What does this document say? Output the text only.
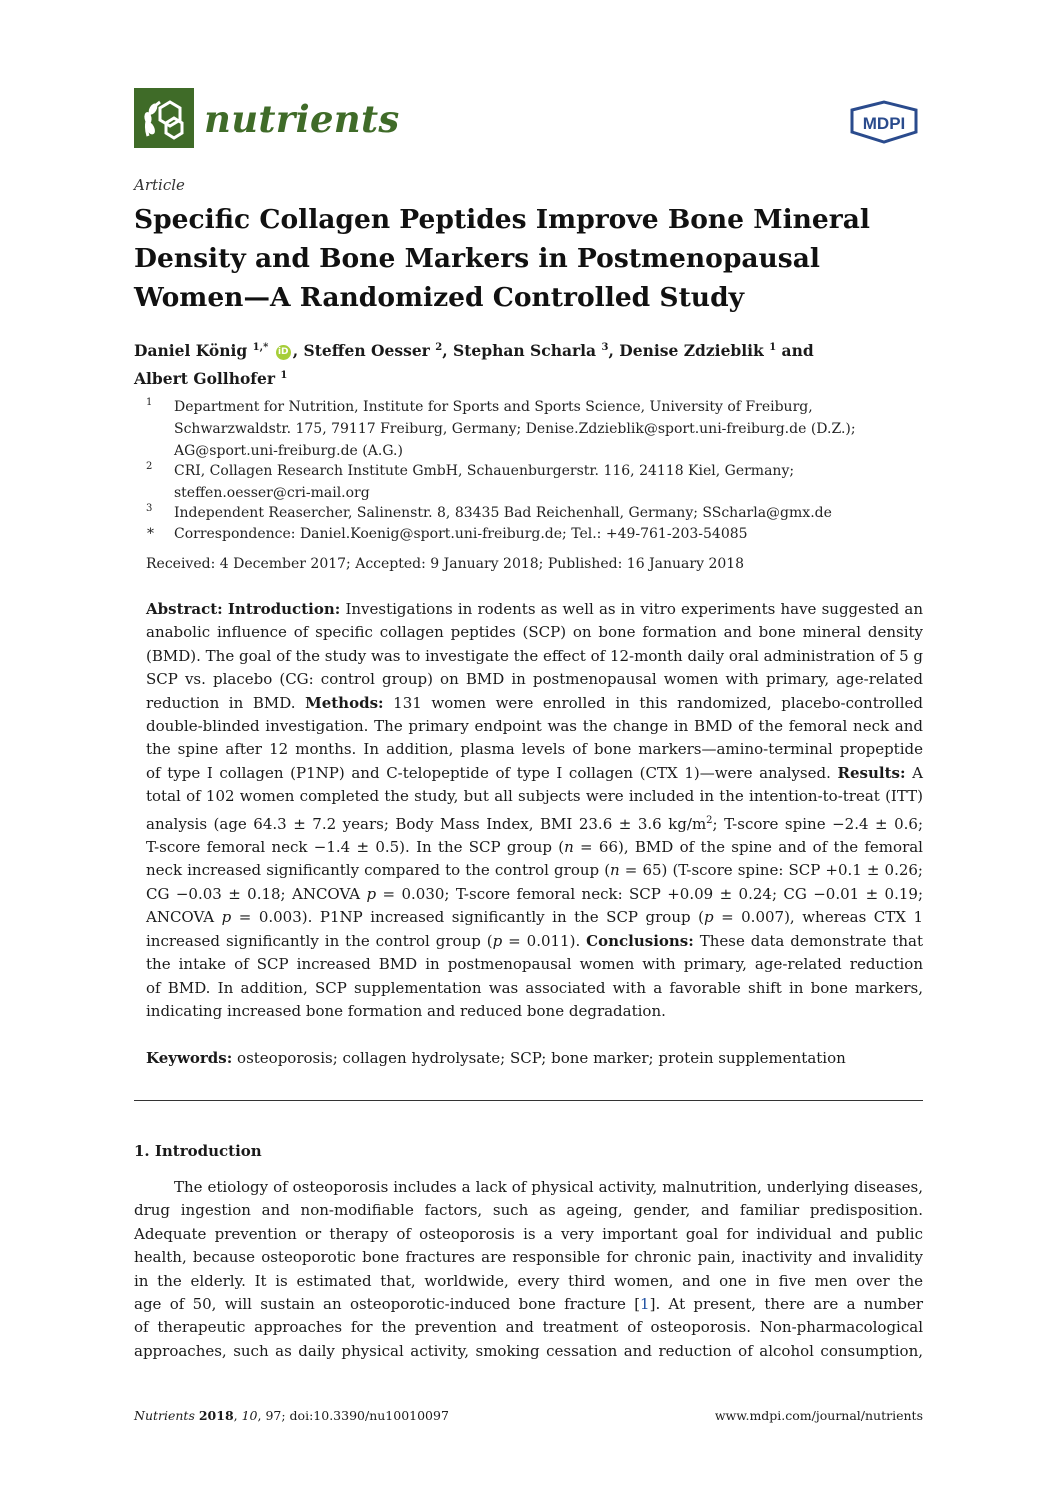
nutrients	MDPI
Article
Specific Collagen Peptides Improve Bone Mineral
Density and Bone Markers in Postmenopausal
Women—A Randomized Controlled Study
Daniel König $^{1,*}$ iD , Steffen Oesser $^2$, Stephan Scharla $^3$, Denise Zdzieblik $^1$ and
Albert Gollhofer $^1$
1 Department for Nutrition, Institute for Sports and Sports Science, University of Freiburg,
Schwarzwaldstr. 175, 79117 Freiburg, Germany; Denise.Zdzieblik@sport.uni-freiburg.de (D.Z.);
AG@sport.uni-freiburg.de (A.G.)
2 CRI, Collagen Research Institute GmbH, Schauenburgerstr. 116, 24118 Kiel, Germany;
steffen.oesser@cri-mail.org
3 Independent Reasercher, Salinenstr. 8, 83435 Bad Reichenhall, Germany; SScharla@gmx.de
* Correspondence: Daniel.Koenig@sport.uni-freiburg.de; Tel.: +49-761-203-54085
Received: 4 December 2017; Accepted: 9 January 2018; Published: 16 January 2018
Abstract: Introduction: Investigations in rodents as well as in vitro experiments have suggested an
anabolic influence of specific collagen peptides (SCP) on bone formation and bone mineral density
(BMD). The goal of the study was to investigate the effect of 12-month daily oral administration of 5 g
SCP vs. placebo (CG: control group) on BMD in postmenopausal women with primary, age-related
reduction in BMD. Methods: 131 women were enrolled in this randomized, placebo-controlled
double-blinded investigation. The primary endpoint was the change in BMD of the femoral neck and
the spine after 12 months. In addition, plasma levels of bone markers—amino-terminal propeptide
of type I collagen (P1NP) and C-telopeptide of type I collagen (CTX 1)—were analysed. Results: A
total of 102 women completed the study, but all subjects were included in the intention-to-treat (ITT)
analysis (age 64.3 ± 7.2 years; Body Mass Index, BMI 23.6 ± 3.6 $kg/m^2$; T-score spine −2.4 ± 0.6;
T-score femoral neck −1.4 ± 0.5). In the SCP group (n = 66), BMD of the spine and of the femoral
neck increased significantly compared to the control group (n = 65) (T-score spine: SCP +0.1 ± 0.26;
CG −0.03 ± 0.18; ANCOVA p = 0.030; T-score femoral neck: SCP +0.09 ± 0.24; CG −0.01 ± 0.19;
ANCOVA p = 0.003). P1NP increased significantly in the SCP group (p = 0.007), whereas CTX 1
increased significantly in the control group (p = 0.011). Conclusions: These data demonstrate that
the intake of SCP increased BMD in postmenopausal women with primary, age-related reduction
of BMD. In addition, SCP supplementation was associated with a favorable shift in bone markers,
indicating increased bone formation and reduced bone degradation.
Keywords: osteoporosis; collagen hydrolysate; SCP; bone marker; protein supplementation
1. Introduction
The etiology of osteoporosis includes a lack of physical activity, malnutrition, underlying diseases,
drug ingestion and non-modifiable factors, such as ageing, gender, and familiar predisposition.
Adequate prevention or therapy of osteoporosis is a very important goal for individual and public
health, because osteoporotic bone fractures are responsible for chronic pain, inactivity and invalidity
in the elderly. It is estimated that, worldwide, every third women, and one in five men over the
age of 50, will sustain an osteoporotic-induced bone fracture [1]. At present, there are a number
of therapeutic approaches for the prevention and treatment of osteoporosis. Non-pharmacological
approaches, such as daily physical activity, smoking cessation and reduction of alcohol consumption,
Nutrients 2018, 10, 97; doi:10.3390/nu10010097	www.mdpi.com/journal/nutrients
